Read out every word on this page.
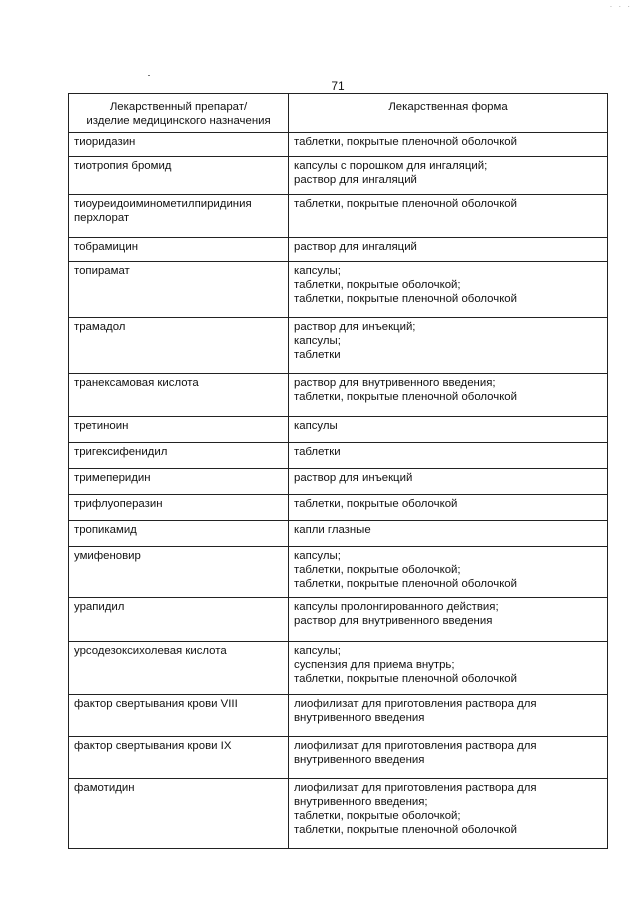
· · ·
71
Лекарственный препарат/
изделие медицинского назначения	Лекарственная форма

тиоридазин	таблетки, покрытые пленочной оболочкой

тиотропия бромид	капсулы с порошком для ингаляций;
раствор для ингаляций

тиоуреидоиминометилпиридиния
перхлорат	таблетки, покрытые пленочной оболочкой

тобрамицин	раствор для ингаляций

топирамат	капсулы;
таблетки, покрытые оболочкой;
таблетки, покрытые пленочной оболочкой

трамадол	раствор для инъекций;
капсулы;
таблетки

транексамовая кислота	раствор для внутривенного введения;
таблетки, покрытые пленочной оболочкой

третиноин	капсулы

тригексифенидил	таблетки

тримеперидин	раствор для инъекций

трифлуоперазин	таблетки, покрытые оболочкой

тропикамид	капли глазные

умифеновир	капсулы;
таблетки, покрытые оболочкой;
таблетки, покрытые пленочной оболочкой

урапидил	капсулы пролонгированного действия;
раствор для внутривенного введения

урсодезоксихолевая кислота	капсулы;
суспензия для приема внутрь;
таблетки, покрытые пленочной оболочкой

фактор свертывания крови VIII	лиофилизат для приготовления раствора для
внутривенного введения

фактор свертывания крови IX	лиофилизат для приготовления раствора для
внутривенного введения

фамотидин	лиофилизат для приготовления раствора для
внутривенного введения;
таблетки, покрытые оболочкой;
таблетки, покрытые пленочной оболочкой
